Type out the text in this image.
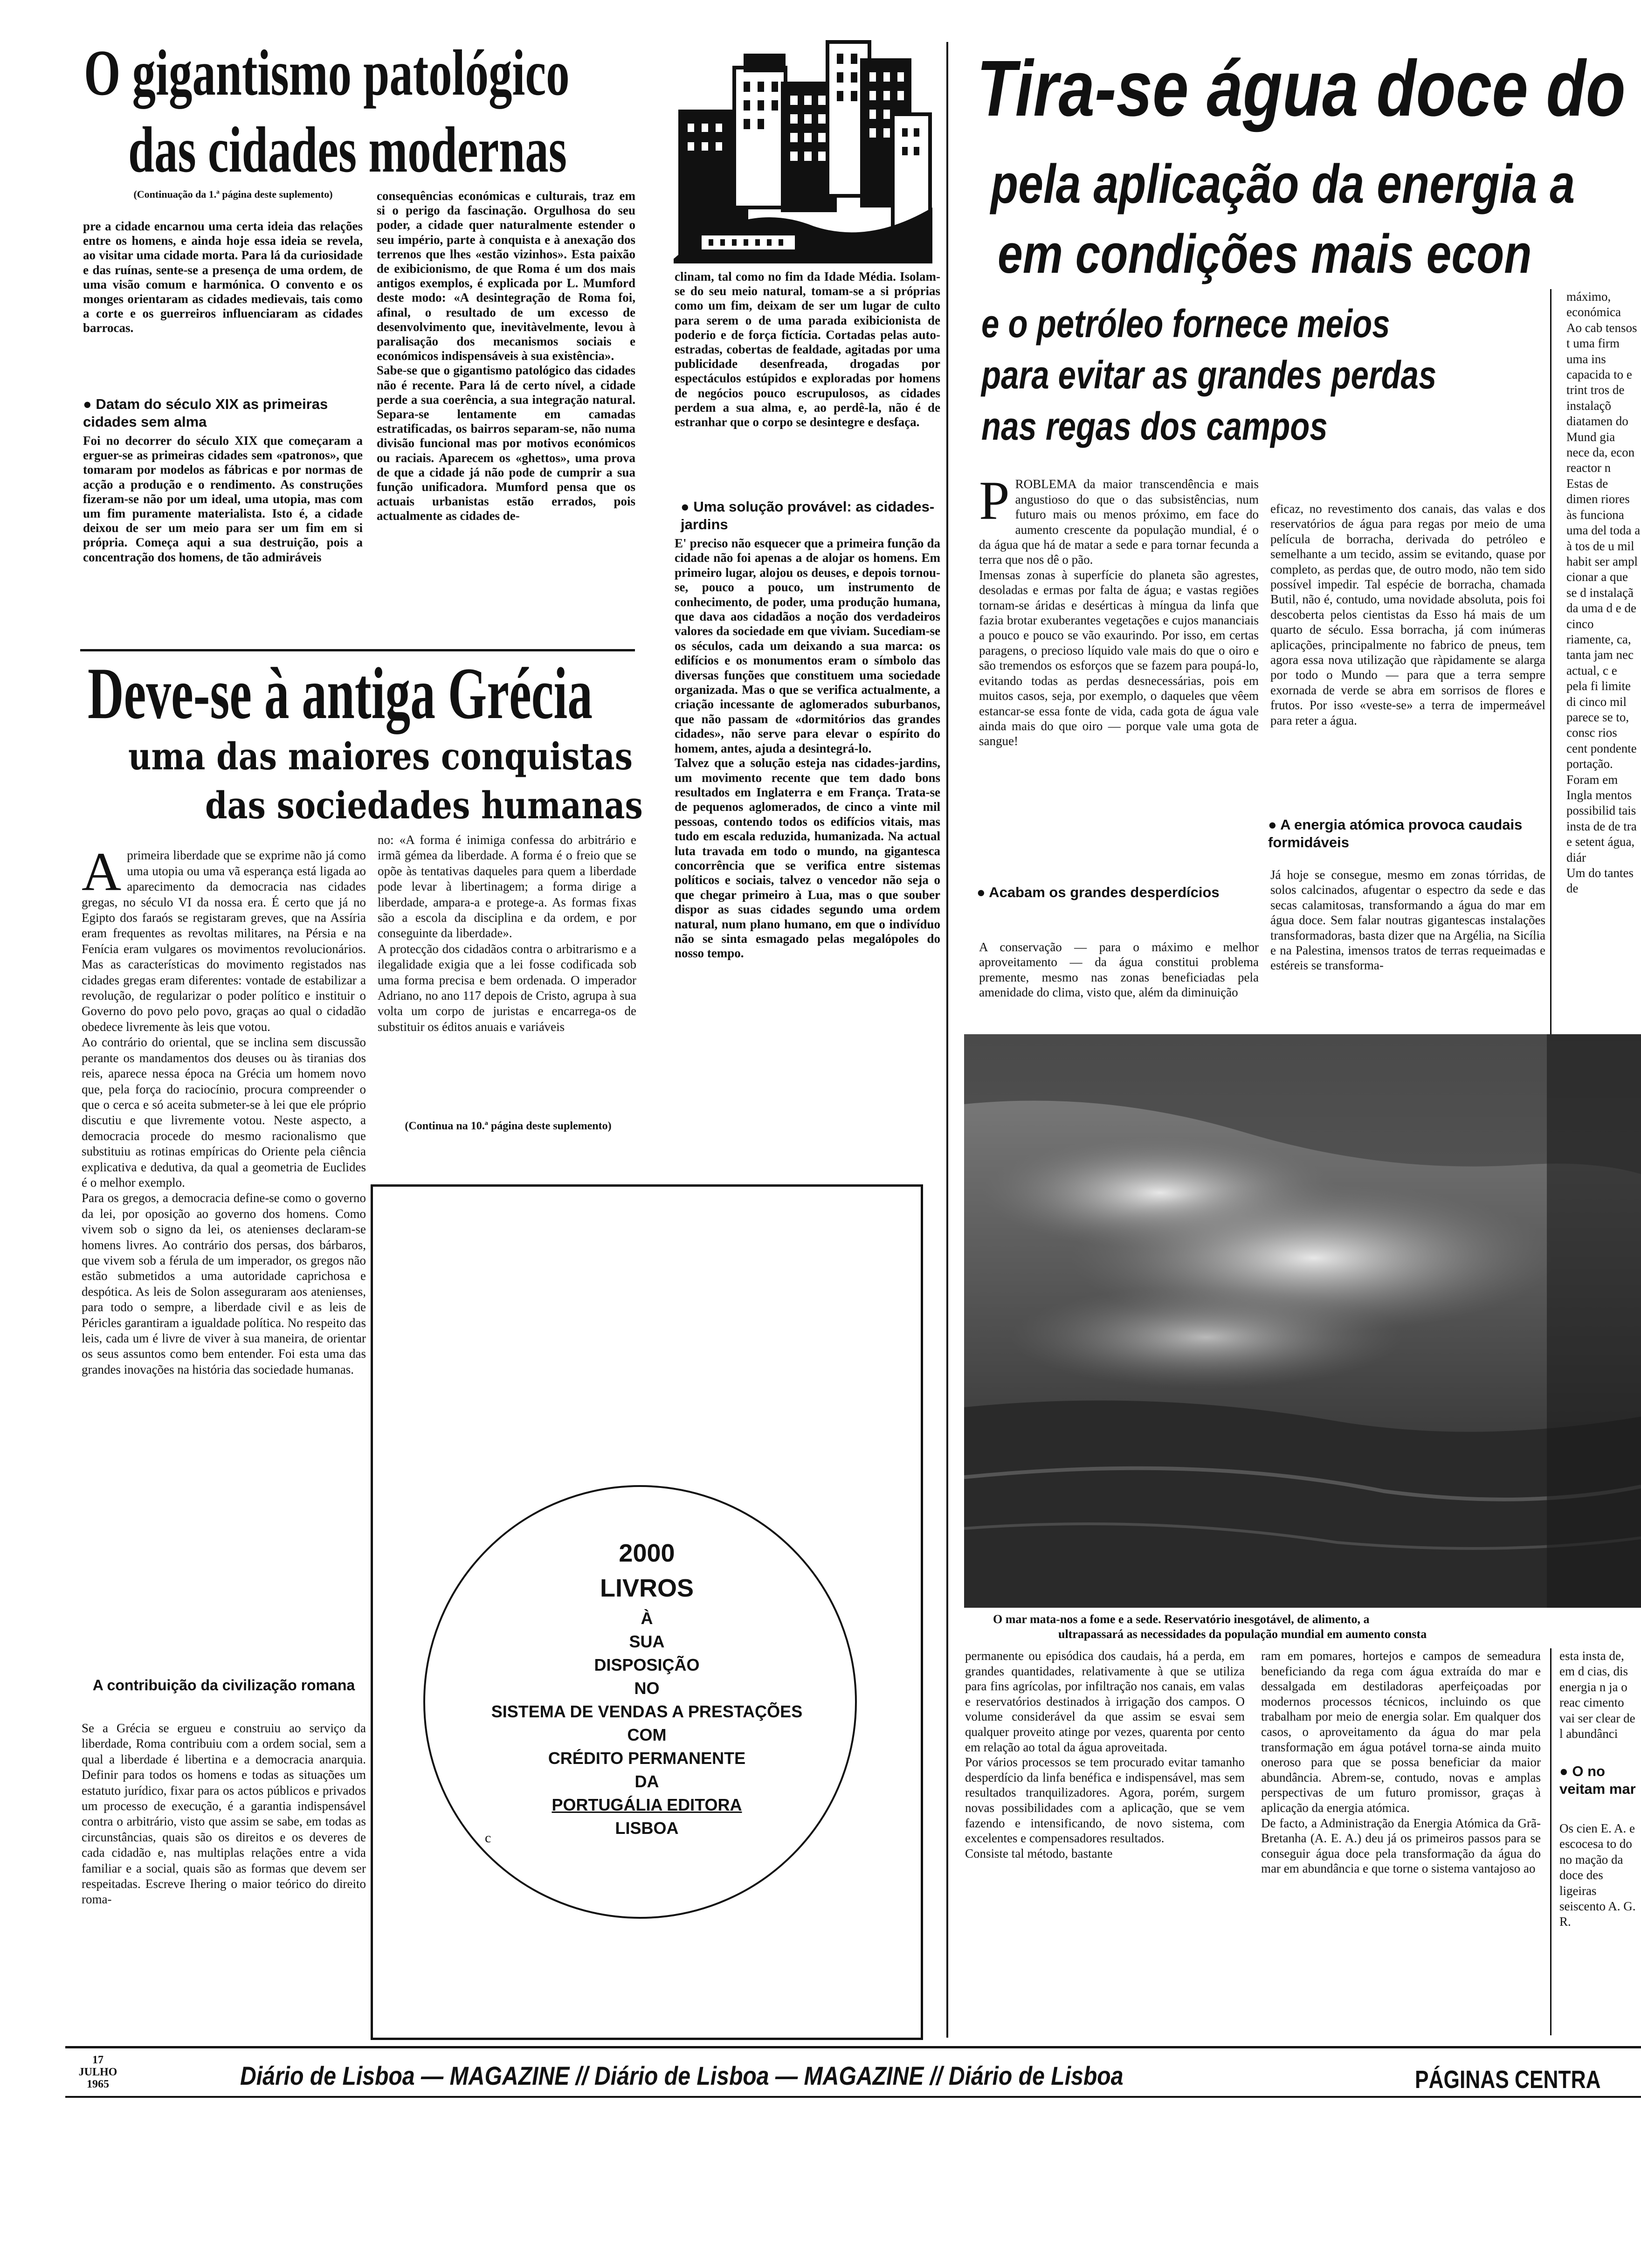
O gigantismo patológico
das cidades modernas
(Continuação da 1.ª página deste suplemento)
pre a cidade encarnou uma certa ideia das relações entre os homens, e ainda hoje essa ideia se revela, ao visitar uma cidade morta. Para lá da curiosidade e das ruínas, sente-se a presença de uma ordem, de uma visão comum e harmónica. O convento e os monges orientaram as cidades medievais, tais como a corte e os guerreiros influenciaram as cidades barrocas.
● Datam do século XIX as primeiras cidades sem alma
Foi no decorrer do século XIX que começaram a erguer-se as primeiras cidades sem «patronos», que tomaram por modelos as fábricas e por normas de acção a produção e o rendimento. As construções fizeram-se não por um ideal, uma utopia, mas com um fim puramente materialista. Isto é, a cidade deixou de ser um meio para ser um fim em si própria. Começa aqui a sua destruição, pois a concentração dos homens, de tão admiráveis
consequências económicas e culturais, traz em si o perigo da fascinação. Orgulhosa do seu poder, a cidade quer naturalmente estender o seu império, parte à conquista e à anexação dos terrenos que lhes «estão vizinhos». Esta paixão de exibicionismo, de que Roma é um dos mais antigos exemplos, é explicada por L. Mumford deste modo: «A desintegração de Roma foi, afinal, o resultado de um excesso de desenvolvimento que, inevitàvelmente, levou à paralisação dos mecanismos sociais e económicos indispensáveis à sua existência».
Sabe-se que o gigantismo patológico das cidades não é recente. Para lá de certo nível, a cidade perde a sua coerência, a sua integração natural. Separa-se lentamente em camadas estratificadas, os bairros separam-se, não numa divisão funcional mas por motivos económicos ou raciais. Aparecem os «ghettos», uma prova de que a cidade já não pode de cumprir a sua função unificadora. Mumford pensa que os actuais urbanistas estão errados, pois actualmente as cidades de-
clinam, tal como no fim da Idade Média. Isolam-se do seu meio natural, tomam-se a si próprias como um fim, deixam de ser um lugar de culto para serem o de uma parada exibicionista de poderio e de força fictícia. Cortadas pelas auto-estradas, cobertas de fealdade, agitadas por uma publicidade desenfreada, drogadas por espectáculos estúpidos e exploradas por homens de negócios pouco escrupulosos, as cidades perdem a sua alma, e, ao perdê-la, não é de estranhar que o corpo se desintegre e desfaça.
● Uma solução provável: as cidades-jardins
E' preciso não esquecer que a primeira função da cidade não foi apenas a de alojar os homens. Em primeiro lugar, alojou os deuses, e depois tornou-se, pouco a pouco, um instrumento de conhecimento, de poder, uma produção humana, que dava aos cidadãos a noção dos verdadeiros valores da sociedade em que viviam. Sucediam-se os séculos, cada um deixando a sua marca: os edifícios e os monumentos eram o símbolo das diversas funções que constituem uma sociedade organizada. Mas o que se verifica actualmente, a criação incessante de aglomerados suburbanos, que não passam de «dormitórios das grandes cidades», não serve para elevar o espírito do homem, antes, ajuda a desintegrá-lo.
Talvez que a solução esteja nas cidades-jardins, um movimento recente que tem dado bons resultados em Inglaterra e em França. Trata-se de pequenos aglomerados, de cinco a vinte mil pessoas, contendo todos os edifícios vitais, mas tudo em escala reduzida, humanizada. Na actual luta travada em todo o mundo, na gigantesca concorrência que se verifica entre sistemas políticos e sociais, talvez o vencedor não seja o que chegar primeiro à Lua, mas o que souber dispor as suas cidades segundo uma ordem natural, num plano humano, em que o indivíduo não se sinta esmagado pelas megalópoles do nosso tempo.
Deve-se à antiga Grécia
uma das maiores conquistas
das sociedades humanas

Aprimeira liberdade que se exprime não já como uma utopia ou uma vã esperança está ligada ao aparecimento da democracia nas cidades gregas, no século VI da nossa era. É certo que já no Egipto dos faraós se registaram greves, que na Assíria eram frequentes as revoltas militares, na Pérsia e na Fenícia eram vulgares os movimentos revolucionários. Mas as características do movimento registados nas cidades gregas eram diferentes: vontade de estabilizar a revolução, de regularizar o poder político e instituir o Governo do povo pelo povo, graças ao qual o cidadão obedece livremente às leis que votou.
Ao contrário do oriental, que se inclina sem discussão perante os mandamentos dos deuses ou às tiranias dos reis, aparece nessa época na Grécia um homem novo que, pela força do raciocínio, procura compreender o que o cerca e só aceita submeter-se à lei que ele próprio discutiu e que livremente votou. Neste aspecto, a democracia procede do mesmo racionalismo que substituiu as rotinas empíricas do Oriente pela ciência explicativa e dedutiva, da qual a geometria de Euclides é o melhor exemplo.
Para os gregos, a democracia define-se como o governo da lei, por oposição ao governo dos homens. Como vivem sob o signo da lei, os atenienses declaram-se homens livres. Ao contrário dos persas, dos bárbaros, que vivem sob a férula de um imperador, os gregos não estão submetidos a uma autoridade caprichosa e despótica. As leis de Solon asseguraram aos atenienses, para todo o sempre, a liberdade civil e as leis de Péricles garantiram a igualdade política. No respeito das leis, cada um é livre de viver à sua maneira, de orientar os seus assuntos como bem entender. Foi esta uma das grandes inovações na história das sociedade humanas.

A contribuição da civilização romana
Se a Grécia se ergueu e construiu ao serviço da liberdade, Roma contribuiu com a ordem social, sem a qual a liberdade é libertina e a democracia anarquia. Definir para todos os homens e todas as situações um estatuto jurídico, fixar para os actos públicos e privados um processo de execução, é a garantia indispensável contra o arbitrário, visto que assim se sabe, em todas as circunstâncias, quais são os direitos e os deveres de cada cidadão e, nas multiplas relações entre a vida familiar e a social, quais são as formas que devem ser respeitadas. Escreve Ihering o maior teórico do direito roma-
no: «A forma é inimiga confessa do arbitrário e irmã gémea da liberdade. A forma é o freio que se opõe às tentativas daqueles para quem a liberdade pode levar à libertinagem; a forma dirige a liberdade, ampara-a e protege-a. As formas fixas são a escola da disciplina e da ordem, e por conseguinte da liberdade».
A protecção dos cidadãos contra o arbitrarismo e a ilegalidade exigia que a lei fosse codificada sob uma forma precisa e bem ordenada. O imperador Adriano, no ano 117 depois de Cristo, agrupa à sua volta um corpo de juristas e encarrega-os de substituir os éditos anuais e variáveis
(Continua na 10.ª página deste suplemento)
2000
LIVROS
À
SUA
DISPOSIÇÃO
NO
SISTEMA DE VENDAS A PRESTAÇÕES
COM
CRÉDITO PERMANENTE
DA
PORTUGÁLIA EDITORA
LISBOA
c
Tira-se água doce do
pela aplicação da energia a
em condições mais econ
e o petróleo fornece meios
para evitar as grandes perdas
nas regas dos campos

PROBLEMA da maior transcendência e mais angustioso do que o das subsistências, num futuro mais ou menos próximo, em face do aumento crescente da população mundial, é o da água que há de matar a sede e para tornar fecunda a terra que nos dê o pão.
Imensas zonas à superfície do planeta são agrestes, desoladas e ermas por falta de água; e vastas regiões tornam-se áridas e desérticas à míngua da linfa que fazia brotar exuberantes vegetações e cujos mananciais a pouco e pouco se vão exaurindo. Por isso, em certas paragens, o precioso líquido vale mais do que o oiro e são tremendos os esforços que se fazem para poupá-lo, evitando todas as perdas desnecessárias, pois em muitos casos, seja, por exemplo, o daqueles que vêem estancar-se essa fonte de vida, cada gota de água vale ainda mais do que oiro — porque vale uma gota de sangue!

● Acabam os grandes desperdícios
A conservação — para o máximo e melhor aproveitamento — da água constitui problema premente, mesmo nas zonas beneficiadas pela amenidade do clima, visto que, além da diminuição
eficaz, no revestimento dos canais, das valas e dos reservatórios de água para regas por meio de uma película de borracha, derivada do petróleo e semelhante a um tecido, assim se evitando, quase por completo, as perdas que, de outro modo, não tem sido possível impedir. Tal espécie de borracha, chamada Butil, não é, contudo, uma novidade absoluta, pois foi descoberta pelos cientistas da Esso há mais de um quarto de século. Essa borracha, já com inúmeras aplicações, principalmente no fabrico de pneus, tem agora essa nova utilização que ràpidamente se alarga por todo o Mundo — para que a terra sempre exornada de verde se abra em sorrisos de flores e frutos. Por isso «veste-se» a terra de impermeável para reter a água.
● A energia atómica provoca caudais formidáveis
Já hoje se consegue, mesmo em zonas tórridas, de solos calcinados, afugentar o espectro da sede e das secas calamitosas, transformando a água do mar em água doce. Sem falar noutras gigantescas instalações transformadoras, basta dizer que na Argélia, na Sicília e na Palestina, imensos tratos de terras requeimadas e estéreis se transforma-
máximo, económica
Ao cab tensos t uma firm uma ins capacida to e trint tros de instalaçõ diatamen do Mund gia nece da, econ reactor n
Estas de dimen riores às funciona uma del toda a à tos de u mil habit ser ampl cionar a que se d instalaçã da uma d e de cinco riamente, ca, tanta jam nec actual, c e pela fi limite di cinco mil parece se to, consc rios cent pondente portação.
Foram em Ingla mentos possibilid tais insta de de tra e setent água, diár
Um do tantes de
O mar mata-nos a fome e a sede. Reservatório inesgotável, de alimento, a
ultrapassará as necessidades da população mundial em aumento consta
permanente ou episódica dos caudais, há a perda, em grandes quantidades, relativamente à que se utiliza para fins agrícolas, por infiltração nos canais, em valas e reservatórios destinados à irrigação dos campos. O volume considerável da que assim se esvai sem qualquer proveito atinge por vezes, quarenta por cento em relação ao total da água aproveitada.
Por vários processos se tem procurado evitar tamanho desperdício da linfa benéfica e indispensável, mas sem resultados tranquilizadores. Agora, porém, surgem novas possibilidades com a aplicação, que se vem fazendo e intensificando, de novo sistema, com excelentes e compensadores resultados.
Consiste tal método, bastante
ram em pomares, hortejos e campos de semeadura beneficiando da rega com água extraída do mar e dessalgada em destiladoras aperfeiçoadas por modernos processos técnicos, incluindo os que trabalham por meio de energia solar. Em qualquer dos casos, o aproveitamento da água do mar pela transformação em água potável torna-se ainda muito oneroso para que se possa beneficiar da maior abundância. Abrem-se, contudo, novas e amplas perspectivas de um futuro promissor, graças à aplicação da energia atómica.
De facto, a Administração da Energia Atómica da Grã-Bretanha (A. E. A.) deu já os primeiros passos para se conseguir água doce pela transformação da água do mar em abundância e que torne o sistema vantajoso ao
esta insta de, em d cias, dis energia n ja o reac cimento vai ser clear de l abundânci
● O no veitam mar
Os cien E. A. e escocesa to do no mação da doce des ligeiras seiscento A. G. R.
17
JULHO
1965	Diário de Lisboa — MAGAZINE // Diário de Lisboa — MAGAZINE // Diário de Lisboa	PÁGINAS CENTRA
